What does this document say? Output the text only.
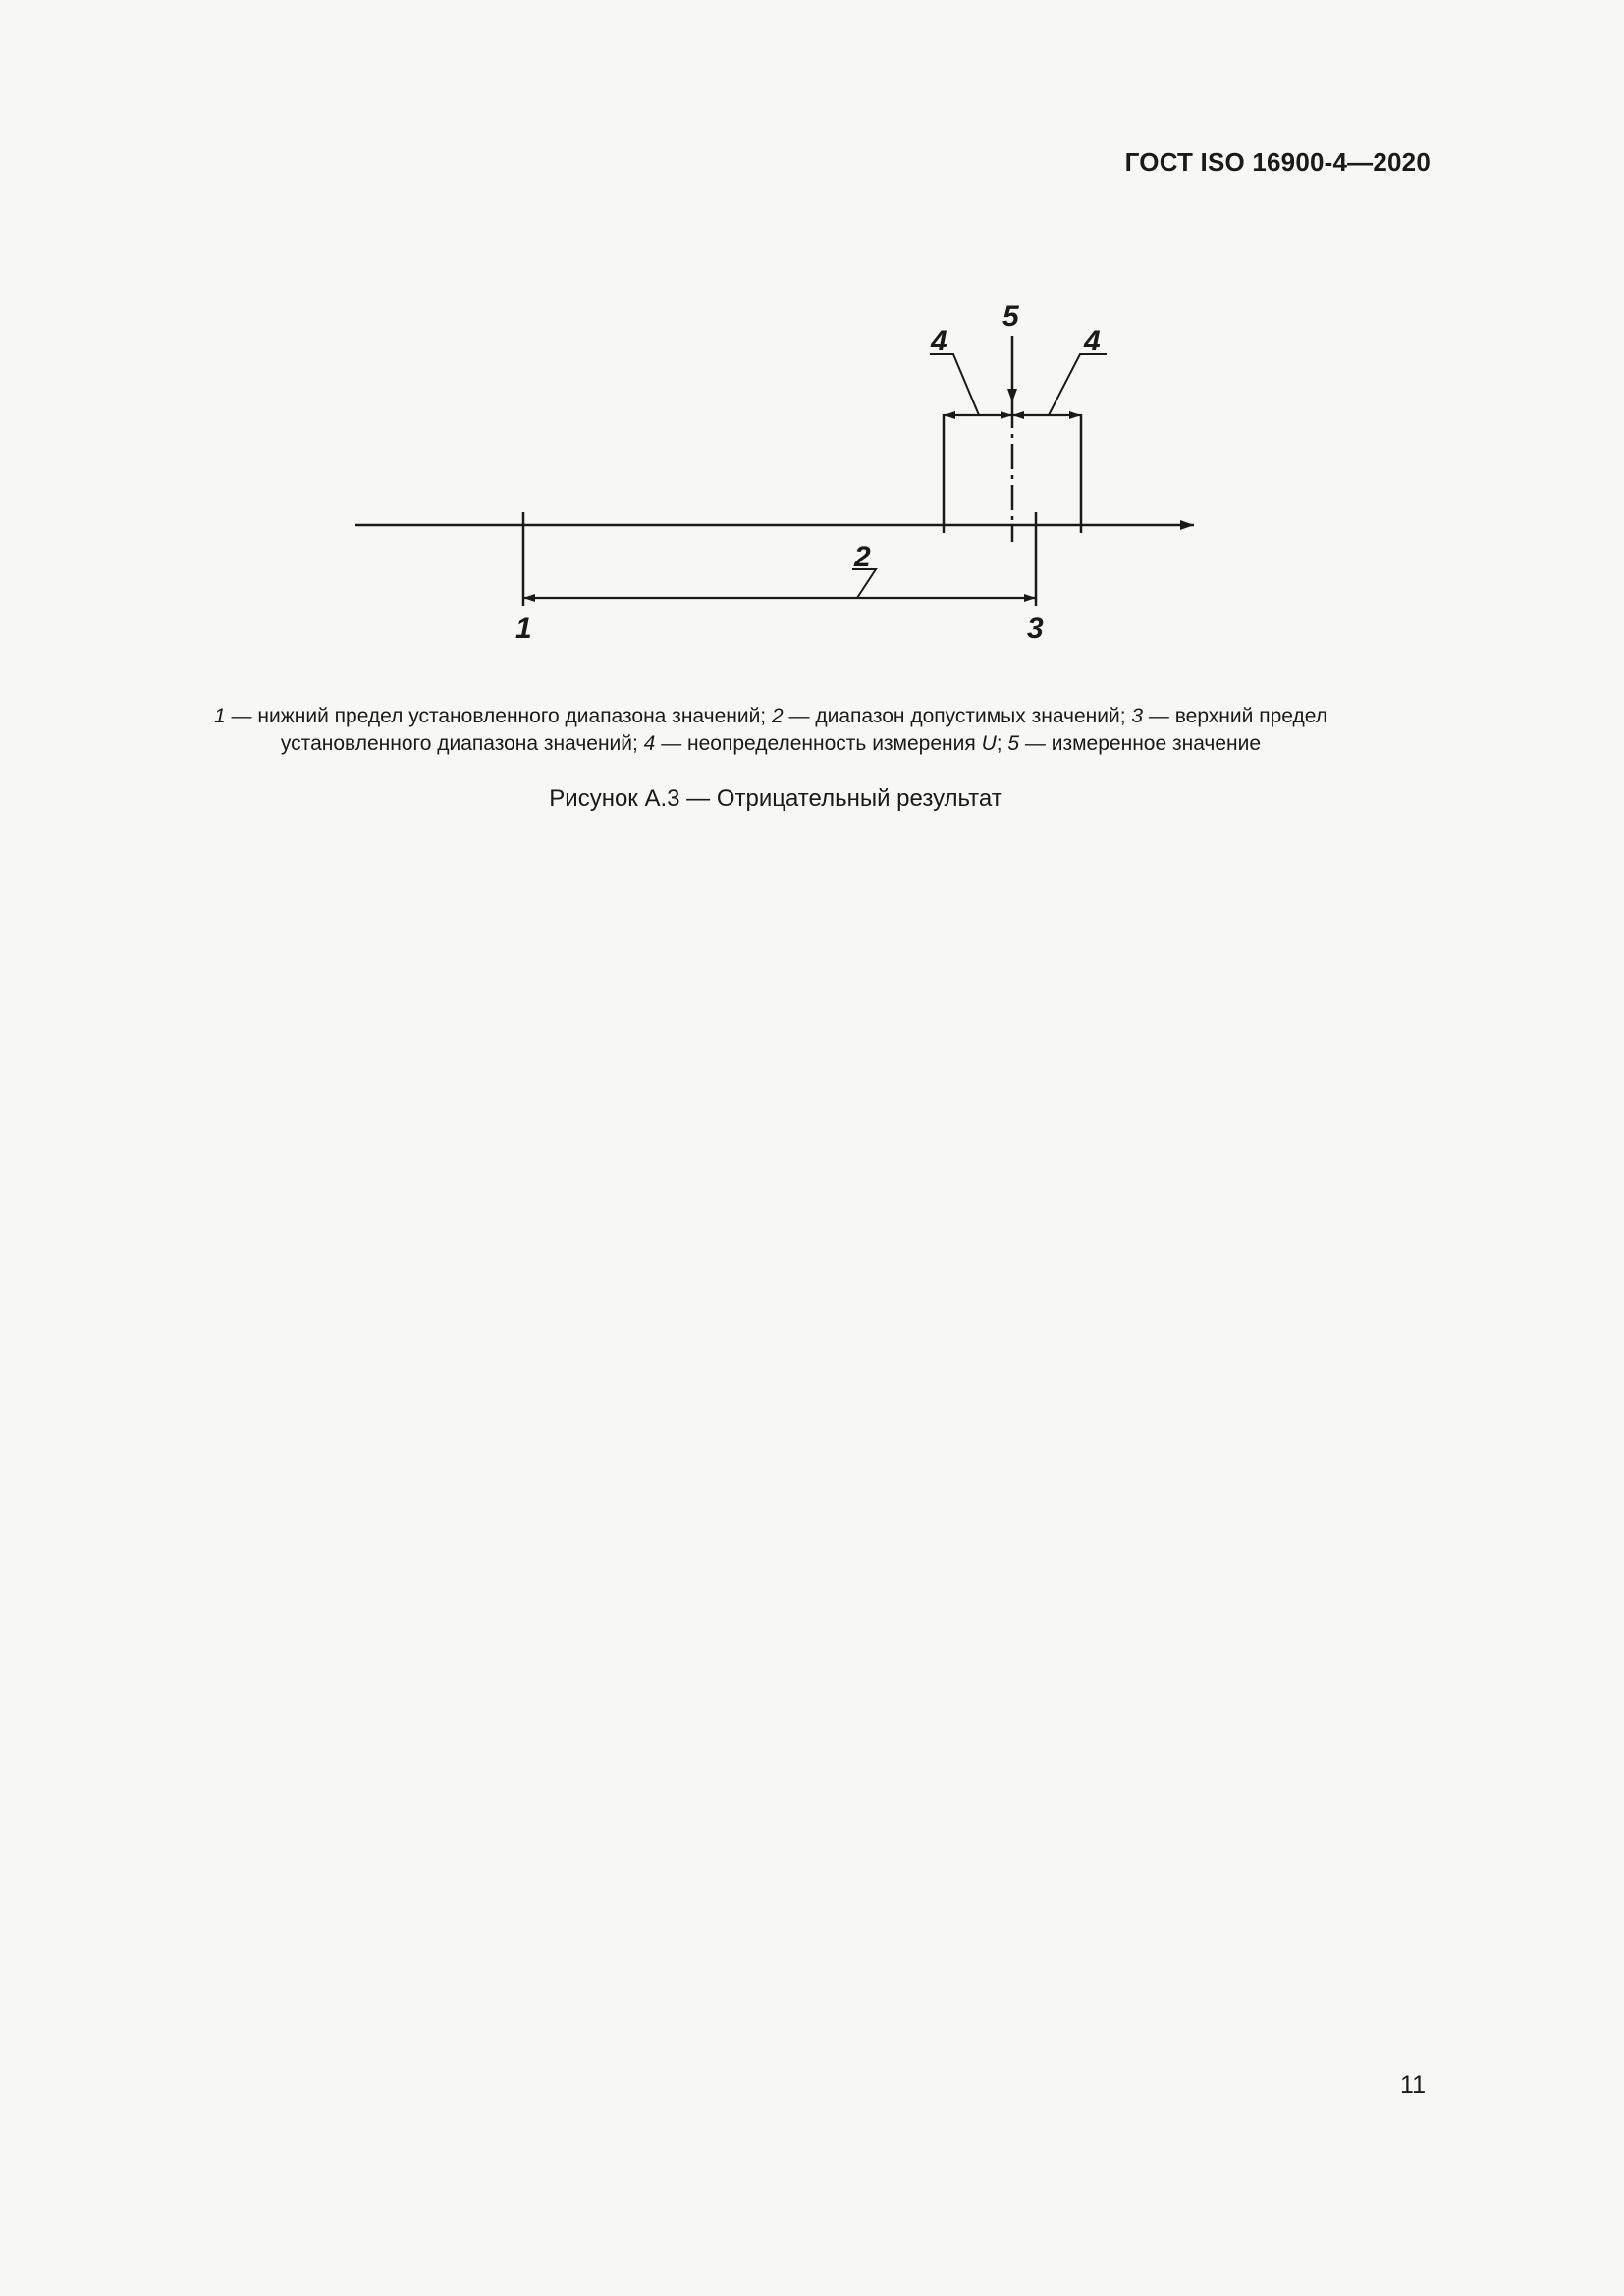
ГОСТ ISO 16900-4—2020
1
2
3
4	4
5
1 — нижний предел установленного диапазона значений; 2 — диапазон допустимых значений; 3 — верхний предел установленного диапазона значений; 4 — неопределенность измерения U; 5 — измеренное значение
Рисунок А.3 — Отрицательный результат
11
